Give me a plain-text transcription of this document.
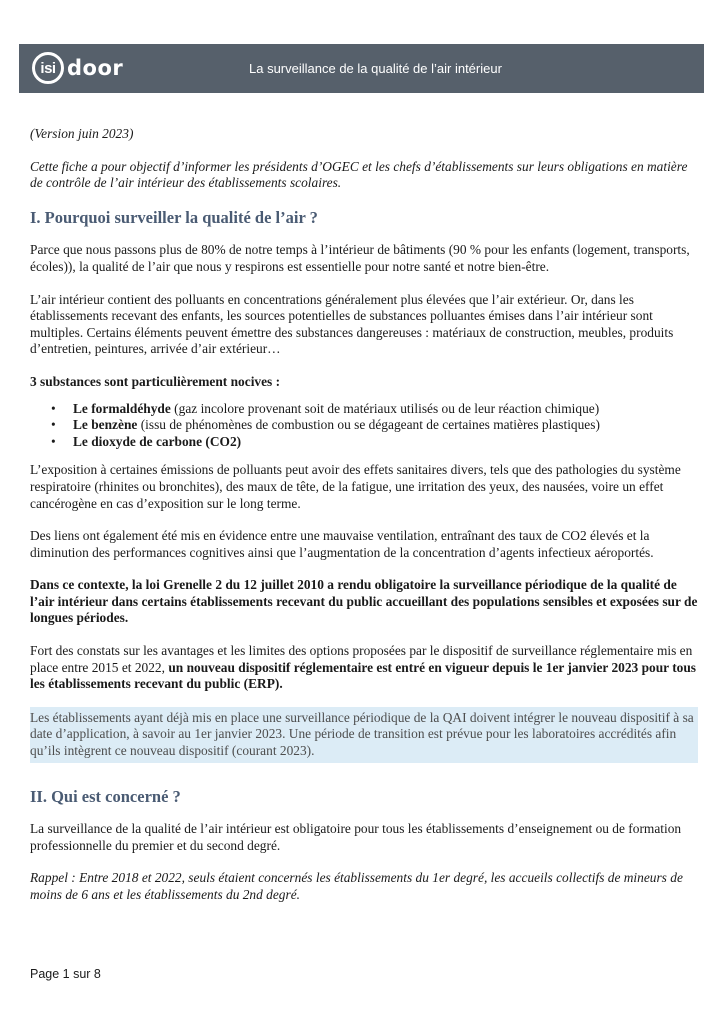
isi door	La surveillance de la qualité de l’air intérieur

(Version juin 2023)

Cette fiche a pour objectif d’informer les présidents d’OGEC et les chefs d’établissements sur leurs obligations en matière de contrôle de l’air intérieur des établissements scolaires.

I. Pourquoi surveiller la qualité de l’air ?

Parce que nous passons plus de 80% de notre temps à l’intérieur de bâtiments (90 % pour les enfants (logement, transports, écoles)), la qualité de l’air que nous y respirons est essentielle pour notre santé et notre bien-être.

L’air intérieur contient des polluants en concentrations généralement plus élevées que l’air extérieur. Or, dans les établissements recevant des enfants, les sources potentielles de substances polluantes émises dans l’air intérieur sont multiples. Certains éléments peuvent émettre des substances dangereuses : matériaux de construction, meubles, produits d’entretien, peintures, arrivée d’air extérieur…

3 substances sont particulièrement nocives :

• Le formaldéhyde (gaz incolore provenant soit de matériaux utilisés ou de leur réaction chimique)
• Le benzène (issu de phénomènes de combustion ou se dégageant de certaines matières plastiques)
• Le dioxyde de carbone (CO2)

L’exposition à certaines émissions de polluants peut avoir des effets sanitaires divers, tels que des pathologies du système respiratoire (rhinites ou bronchites), des maux de tête, de la fatigue, une irritation des yeux, des nausées, voire un effet cancérogène en cas d’exposition sur le long terme.

Des liens ont également été mis en évidence entre une mauvaise ventilation, entraînant des taux de CO2 élevés et la diminution des performances cognitives ainsi que l’augmentation de la concentration d’agents infectieux aéroportés.

Dans ce contexte, la loi Grenelle 2 du 12 juillet 2010 a rendu obligatoire la surveillance périodique de la qualité de l’air intérieur dans certains établissements recevant du public accueillant des populations sensibles et exposées sur de longues périodes.

Fort des constats sur les avantages et les limites des options proposées par le dispositif de surveillance réglementaire mis en place entre 2015 et 2022, un nouveau dispositif réglementaire est entré en vigueur depuis le 1er janvier 2023 pour tous les établissements recevant du public (ERP).

Les établissements ayant déjà mis en place une surveillance périodique de la QAI doivent intégrer le nouveau dispositif à sa date d’application, à savoir au 1er janvier 2023. Une période de transition est prévue pour les laboratoires accrédités afin qu’ils intègrent ce nouveau dispositif (courant 2023).

II. Qui est concerné ?

La surveillance de la qualité de l’air intérieur est obligatoire pour tous les établissements d’enseignement ou de formation professionnelle du premier et du second degré.

Rappel : Entre 2018 et 2022, seuls étaient concernés les établissements du 1er degré, les accueils collectifs de mineurs de moins de 6 ans et les établissements du 2nd degré.

Page 1 sur 8
